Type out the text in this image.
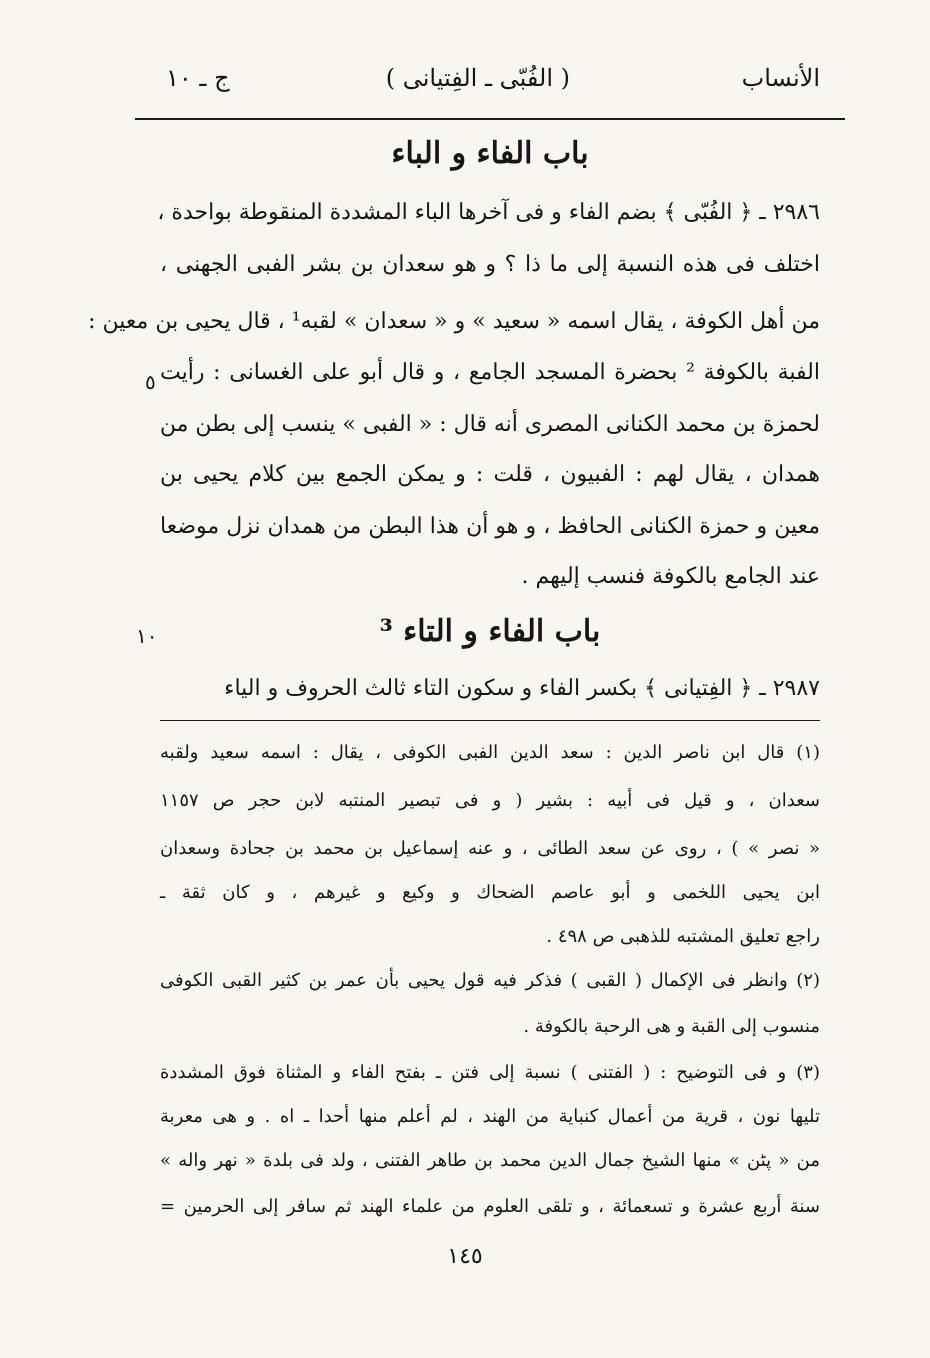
الأنساب
( الفُبّى ـ الفِتيانى )
ج ـ ١٠
باب الفاء و الباء
٢٩٨٦ ـ ﴿ الفُبّى ﴾ بضم الفاء و فى آخرها الباء المشددة المنقوطة بواحدة ،
اختلف فى هذه النسبة إلى ما ذا ؟ و هو سعدان بن بشر الفبى الجهنى ،
من أهل الكوفة ، يقال اسمه « سعيد » و « سعدان » لقبه¹ ، قال يحيى بن معين :
الفبة بالكوفة ² بحضرة المسجد الجامع ، و قال أبو على الغسانى : رأيت
لحمزة بن محمد الكنانى المصرى أنه قال : « الفبى » ينسب إلى بطن من
همدان ، يقال لهم : الفبيون ، قلت : و يمكن الجمع بين كلام يحيى بن
معين و حمزة الكنانى الحافظ ، و هو أن هذا البطن من همدان نزل موضعا
عند الجامع بالكوفة فنسب إليهم .
٥
باب الفاء و التاء ³
١٠
٢٩٨٧ ـ ﴿ الفِتيانى ﴾ بكسر الفاء و سكون التاء ثالث الحروف و الياء
(١) قال ابن ناصر الدين : سعد الدين الفبى الكوفى ، يقال : اسمه سعيد ولقبه
سعدان ، و قيل فى أبيه : بشير ( و فى تبصير المنتبه لابن حجر ص ١١٥٧
« نصر » ) ، روى عن سعد الطائى ، و عنه إسماعيل بن محمد بن جحادة وسعدان
ابن يحيى اللخمى و أبو عاصم الضحاك و وكيع و غيرهم ، و كان ثقة ـ
راجع تعليق المشتبه للذهبى ص ٤٩٨ .
(٢) وانظر فى الإكمال ( القبى ) فذكر فيه قول يحيى بأن عمر بن كثير القبى الكوفى
منسوب إلى القبة و هى الرحبة بالكوفة .
(٣) و فى التوضيح : ( الفتنى ) نسبة إلى فتن ـ بفتح الفاء و المثناة فوق المشددة
تليها نون ، قرية من أعمال كنباية من الهند ، لم أعلم منها أحدا ـ اه . و هى معربة
من « پٹن » منها الشيخ جمال الدين محمد بن طاهر الفتنى ، ولد فى بلدة « نهر واله »
سنة أربع عشرة و تسعمائة ، و تلقى العلوم من علماء الهند ثم سافر إلى الحرمين =
١٤٥
